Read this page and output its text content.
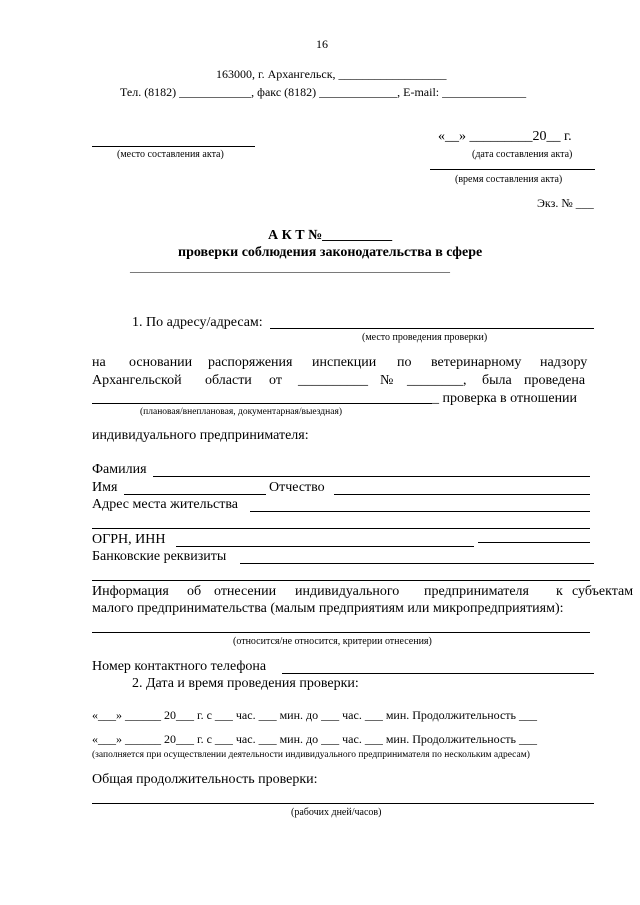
16
163000, г. Архангельск, __________________
Тел. (8182) ____________, факс (8182) _____________, E-mail: ______________
(место составления акта)
«__» _________20__ г.
(дата составления акта)
(время составления акта)
Экз. № ___
А К Т №__________
проверки соблюдения законодательства в сфере
________________________________________________________________
1. По адресу/адресам:
(место проведения проверки)
на основании распоряжения инспекции по ветеринарному надзору
Архангельской области от __________ № ________, была проведена
_ проверка в отношении
(плановая/внеплановая, документарная/выездная)
индивидуального предпринимателя:
Фамилия
Имя	Отчество
Адрес места жительства
ОГРН, ИНН
Банковские реквизиты
Информация об отнесении индивидуального предпринимателя к субъектам
малого предпринимательства (малым предприятиям или микропредприятиям):
(относится/не относится, критерии отнесения)
Номер контактного телефона
2. Дата и время проведения проверки:
«___» ______ 20___ г. с ___ час. ___ мин. до ___ час. ___ мин. Продолжительность ___
«___» ______ 20___ г. с ___ час. ___ мин. до ___ час. ___ мин. Продолжительность ___
(заполняется при осуществлении деятельности индивидуального предпринимателя по нескольким адресам)
Общая продолжительность проверки:
(рабочих дней/часов)
